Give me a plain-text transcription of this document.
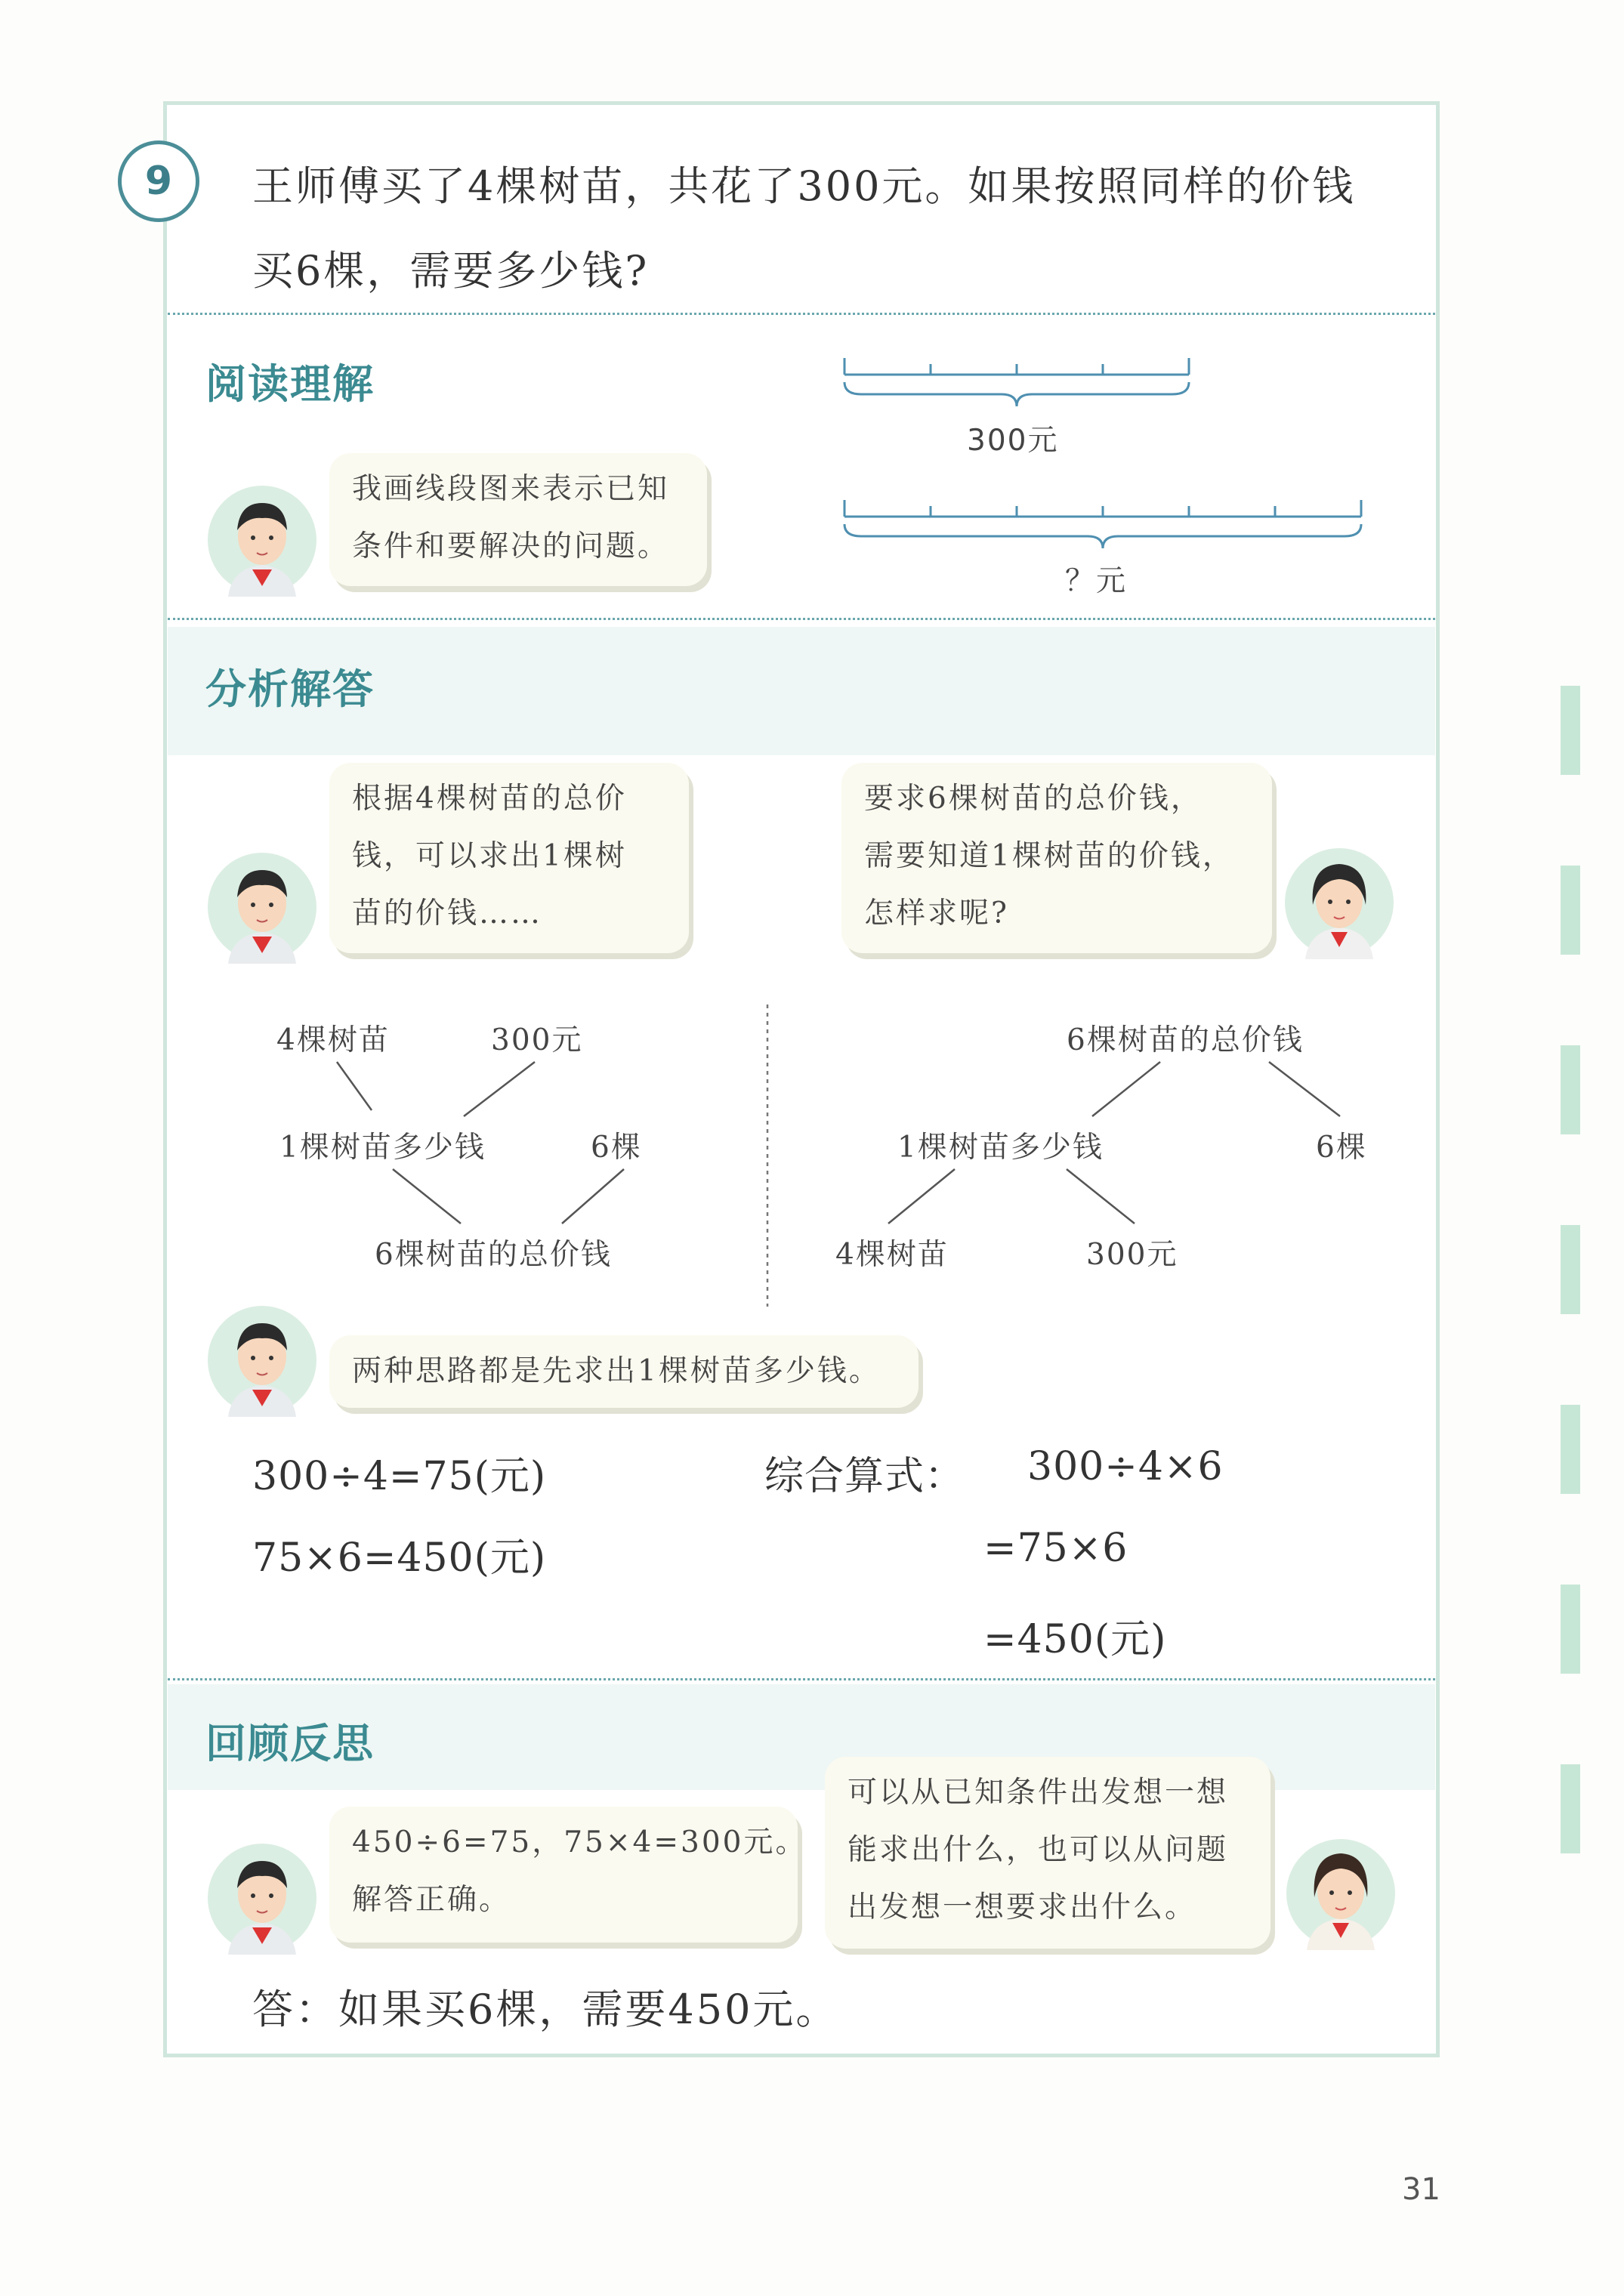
9	王师傅买了4棵树苗，共花了300元。如果按照同样的价钱
买6棵，需要多少钱?
阅读理解
300元
？元
我画线段图来表示已知
条件和要解决的问题。
分析解答
根据4棵树苗的总价
钱，可以求出1棵树
苗的价钱……
要求6棵树苗的总价钱，
需要知道1棵树苗的价钱，
怎样求呢?
4棵树苗	300元
1棵树苗多少钱	6棵
6棵树苗的总价钱
6棵树苗的总价钱
1棵树苗多少钱	6棵
4棵树苗	300元
两种思路都是先求出1棵树苗多少钱。
300÷4=75(元)
75×6=450(元)
综合算式： 300÷4×6
=75×6
=450(元)
回顾反思
450÷6=75，75×4=300元。
解答正确。
可以从已知条件出发想一想
能求出什么，也可以从问题
出发想一想要求出什么。
答：如果买6棵，需要450元。
31
